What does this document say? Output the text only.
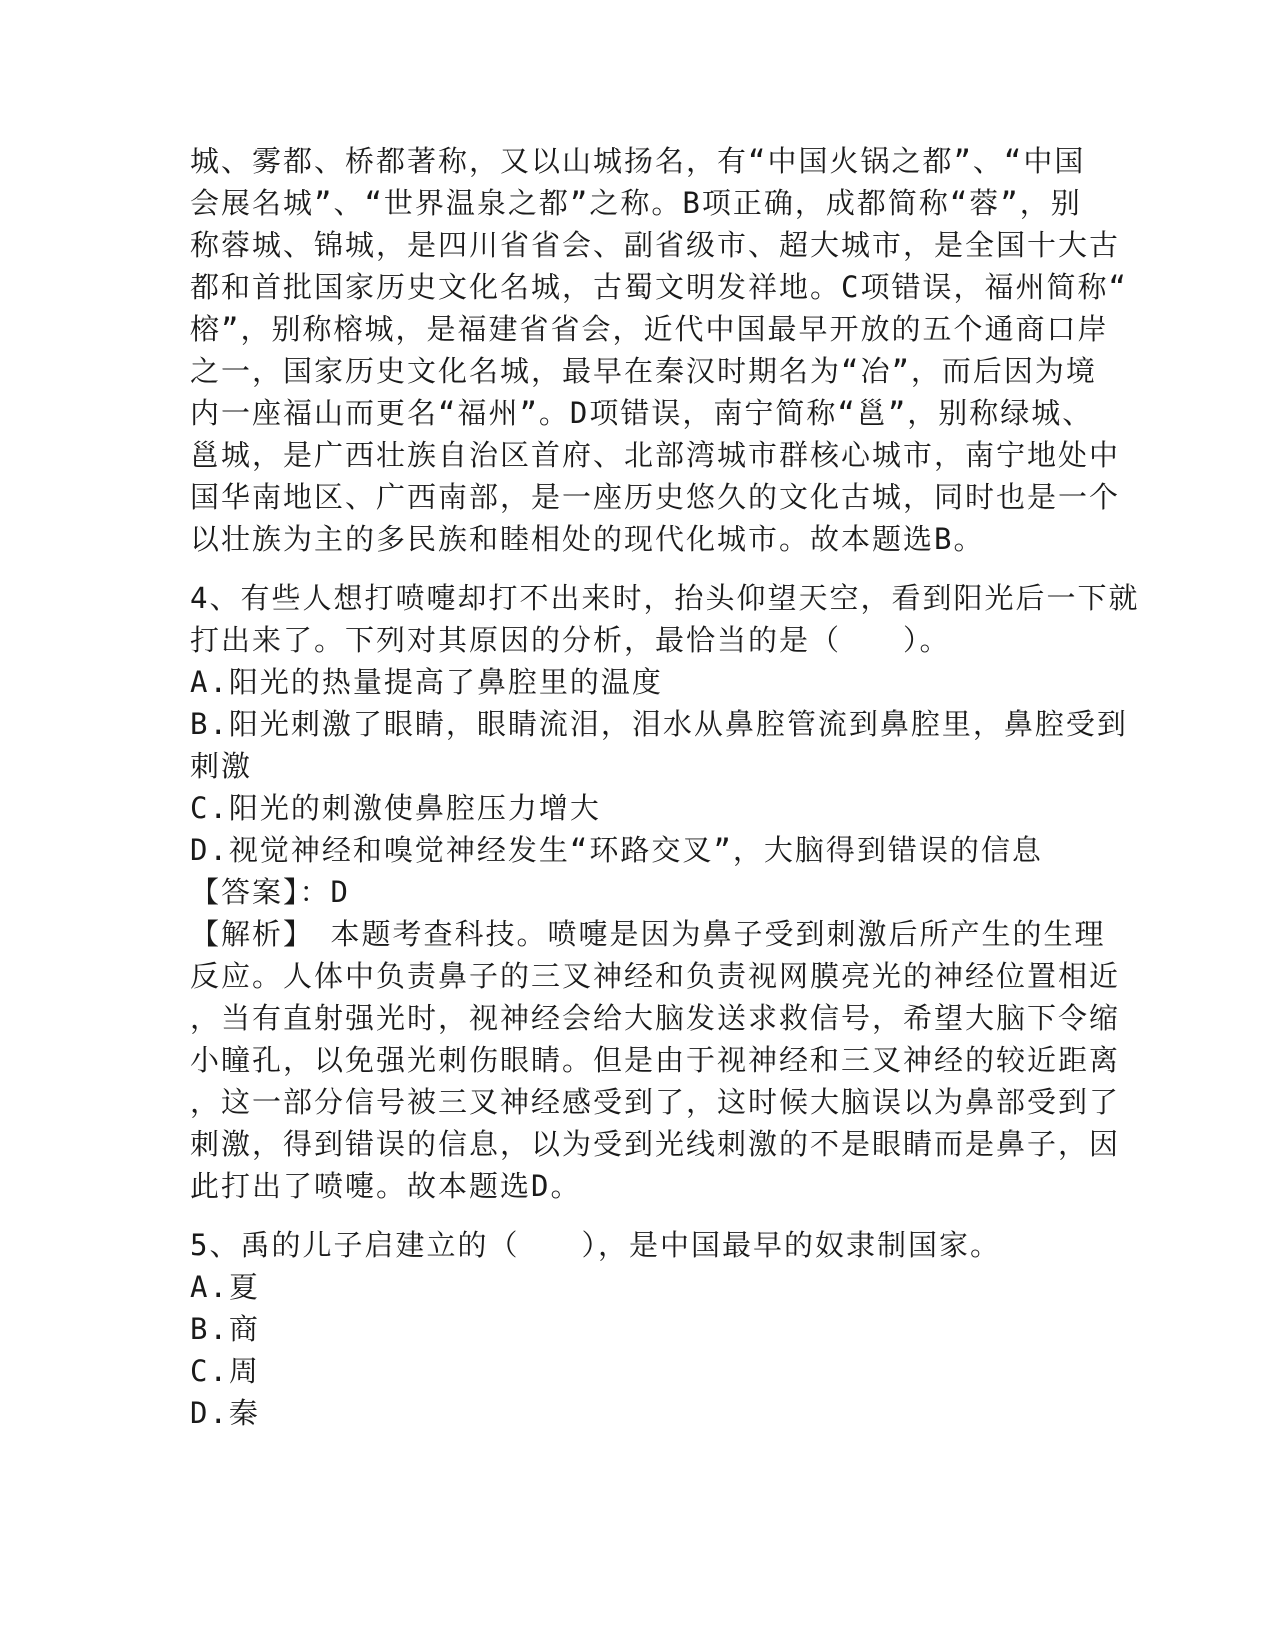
城、雾都、桥都著称，又以山城扬名，有“中国火锅之都”、“中国
会展名城”、“世界温泉之都”之称。B项正确，成都简称“蓉”，别
称蓉城、锦城，是四川省省会、副省级市、超大城市，是全国十大古
都和首批国家历史文化名城，古蜀文明发祥地。C项错误，福州简称“
榕”，别称榕城，是福建省省会，近代中国最早开放的五个通商口岸
之一，国家历史文化名城，最早在秦汉时期名为“冶”，而后因为境
内一座福山而更名“福州”。D项错误，南宁简称“邕”，别称绿城、
邕城，是广西壮族自治区首府、北部湾城市群核心城市，南宁地处中
国华南地区、广西南部，是一座历史悠久的文化古城，同时也是一个
以壮族为主的多民族和睦相处的现代化城市。故本题选B。
4、有些人想打喷嚏却打不出来时，抬头仰望天空，看到阳光后一下就
打出来了。下列对其原因的分析，最恰当的是（　　）。
A.阳光的热量提高了鼻腔里的温度
B.阳光刺激了眼睛，眼睛流泪，泪水从鼻腔管流到鼻腔里，鼻腔受到
刺激
C.阳光的刺激使鼻腔压力增大
D.视觉神经和嗅觉神经发生“环路交叉”，大脑得到错误的信息
【答案】：D
【解析】　本题考查科技。喷嚏是因为鼻子受到刺激后所产生的生理
反应。人体中负责鼻子的三叉神经和负责视网膜亮光的神经位置相近
，当有直射强光时，视神经会给大脑发送求救信号，希望大脑下令缩
小瞳孔，以免强光刺伤眼睛。但是由于视神经和三叉神经的较近距离
，这一部分信号被三叉神经感受到了，这时候大脑误以为鼻部受到了
刺激，得到错误的信息，以为受到光线刺激的不是眼睛而是鼻子，因
此打出了喷嚏。故本题选D。
5、禹的儿子启建立的（　　），是中国最早的奴隶制国家。
A.夏
B.商
C.周
D.秦
